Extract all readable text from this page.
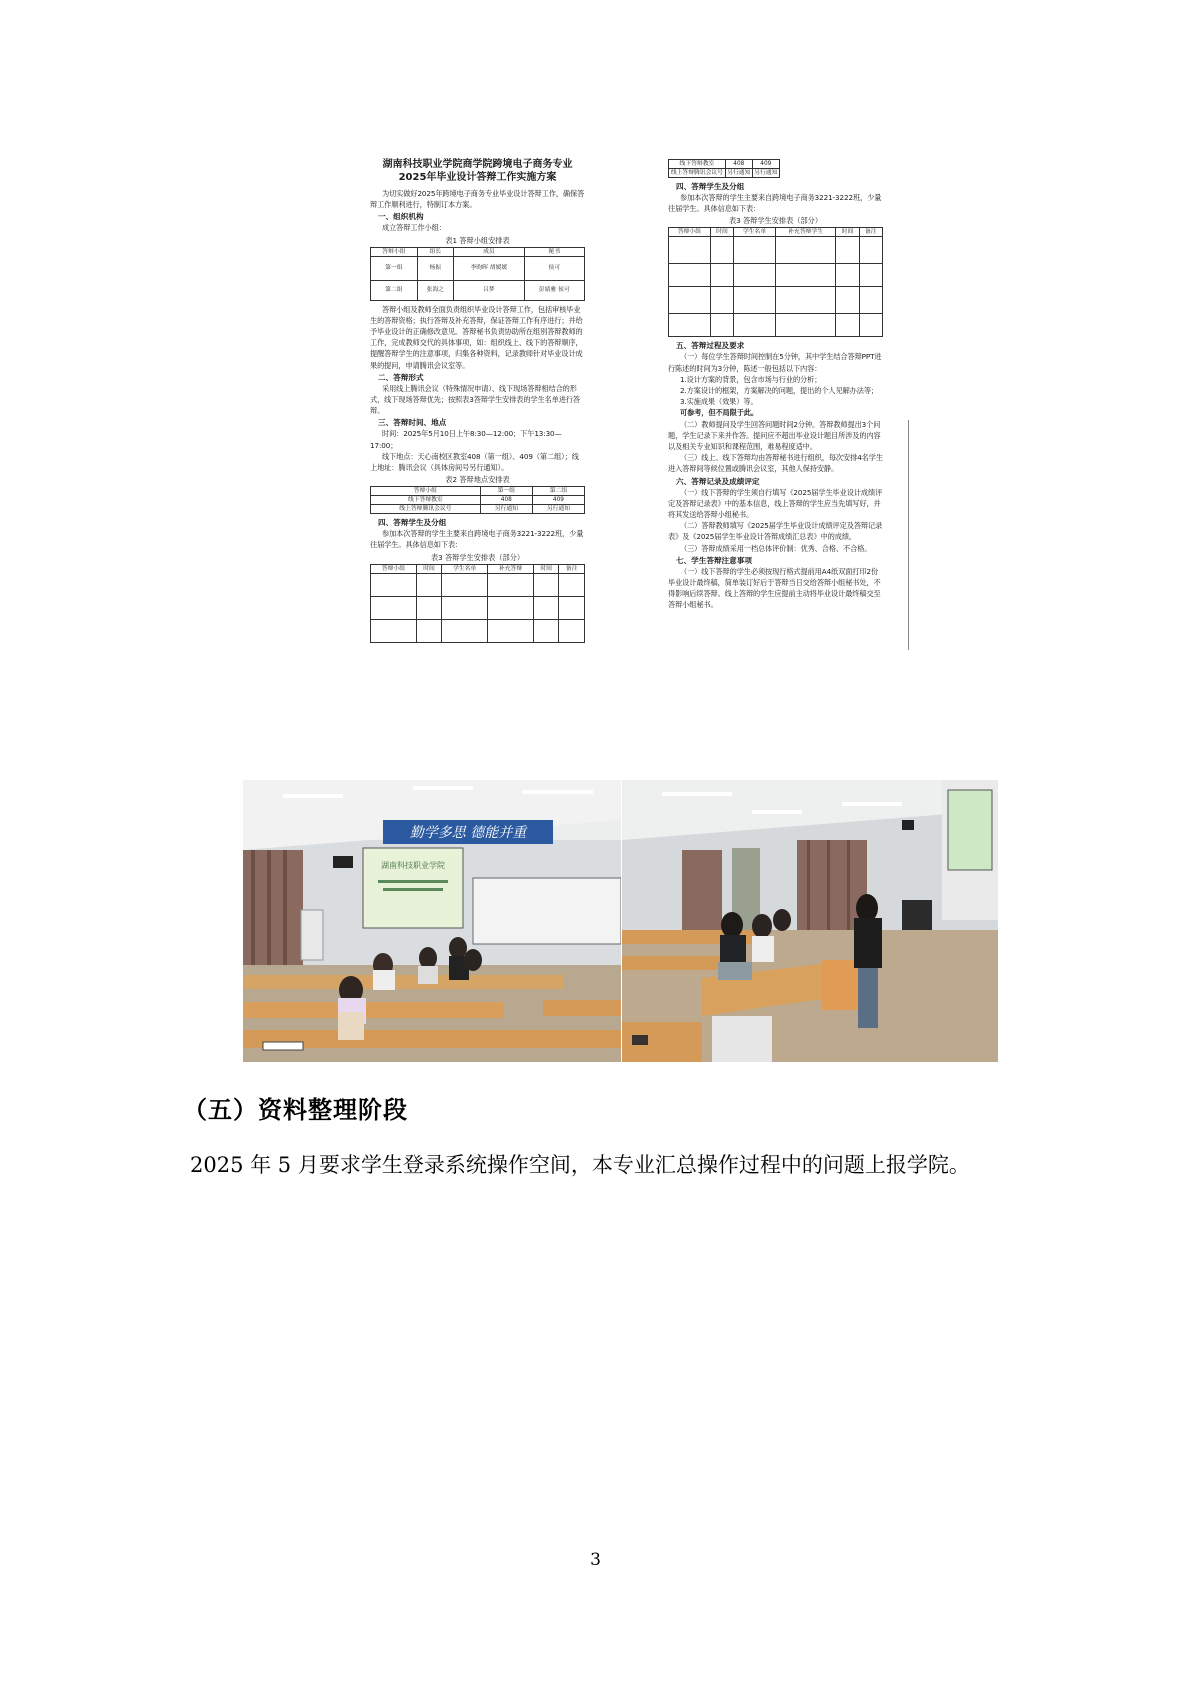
湖南科技职业学院商学院跨境电子商务专业2025年毕业设计答辩工作实施方案

为切实做好2025年跨境电子商务专业毕业设计答辩工作，确保答辩工作顺利进行，特制订本方案。

一、组织机构

成立答辩工作小组：

表1 答辩小组安排表
答辩小组	组长	成员	秘书
第一组	杨振	李昀晖 胡媛媛	侯可
第二组	张海之	吕梦	彭婧雅 侯可

答辩小组及教师全面负责组织毕业设计答辩工作，包括审核毕业生的答辩资格；执行答辩及补充答辩，保证答辩工作有序进行；并给予毕业设计的正确修改意见。答辩秘书负责协助所在组别答辩教师的工作，完成教师交代的具体事项，如：组织线上、线下的答辩顺序，提醒答辩学生的注意事项，归集各种资料，记录教师针对毕业设计成果的提问，申请腾讯会议室等。

二、答辩形式

采用线上腾讯会议（特殊情况申请）、线下现场答辩相结合的形式，线下现场答辩优先；按照表3答辩学生安排表的学生名单进行答辩。

三、答辩时间、地点

时间：2025年5月10日上午8:30—12:00；下午13:30—17:00；

线下地点：天心南校区教室408（第一组）、409（第二组）；线上地址：腾讯会议（具体房间号另行通知）。

表2 答辩地点安排表
答辩小组	第一组	第二组
线下答辩教室	408	409
线上答辩腾讯会议号	另行通知	另行通知
四、答辩学生及分组

参加本次答辩的学生主要来自跨境电子商务3221-3222班，少量往届学生。具体信息如下表：

表3 答辩学生安排表（部分）
答辩小组	时间	学生名单	补充答辩	时间	备注

线下答辩教室	408	409
线上答辩腾讯会议号	另行通知	另行通知
四、答辩学生及分组

参加本次答辩的学生主要来自跨境电子商务3221-3222班，少量往届学生。具体信息如下表：

表3 答辩学生安排表（部分）
答辩小组	时间	学生名单	补充答辩学生	时间	备注

五、答辩过程及要求

（一）每位学生答辩时间控制在5分钟，其中学生结合答辩PPT进行陈述的时间为3分钟，陈述一般包括以下内容：

1.设计方案的背景，包含市场与行业的分析；

2.方案设计的框架，方案解决的问题，提出的个人见解办法等；

3.实施成果（效果）等。

可参考，但不局限于此。

（二）教师提问及学生回答问题时间2分钟。答辩教师提出3个问题，学生记录下来并作答。提问应不超出毕业设计题目所涉及的内容以及相关专业知识和课程范围，难易程度适中。

（三）线上、线下答辩均由答辩秘书进行组织，每次安排4名学生进入答辩间等候位置或腾讯会议室，其他人保持安静。

六、答辩记录及成绩评定

（一）线下答辩的学生须自行填写《2025届学生毕业设计成绩评定及答辩记录表》中的基本信息，线上答辩的学生应当先填写好，并将其发送给答辩小组秘书。

（二）答辩教师填写《2025届学生毕业设计成绩评定及答辩记录表》及《2025届学生毕业设计答辩成绩汇总表》中的成绩。

（三）答辩成绩采用一档总体评价制：优秀、合格、不合格。

七、学生答辩注意事项

（一）线下答辩的学生必须按现行格式提前用A4纸双面打印2份毕业设计最终稿，简单装订好后于答辩当日交给答辩小组秘书处，不得影响后续答辩。线上答辩的学生应提前主动将毕业设计最终稿交至答辩小组秘书。

勤学多思 德能并重
湖南科技职业学院
（五）资料整理阶段
2025 年 5 月要求学生登录系统操作空间，本专业汇总操作过程中的问题上报学院。
3
